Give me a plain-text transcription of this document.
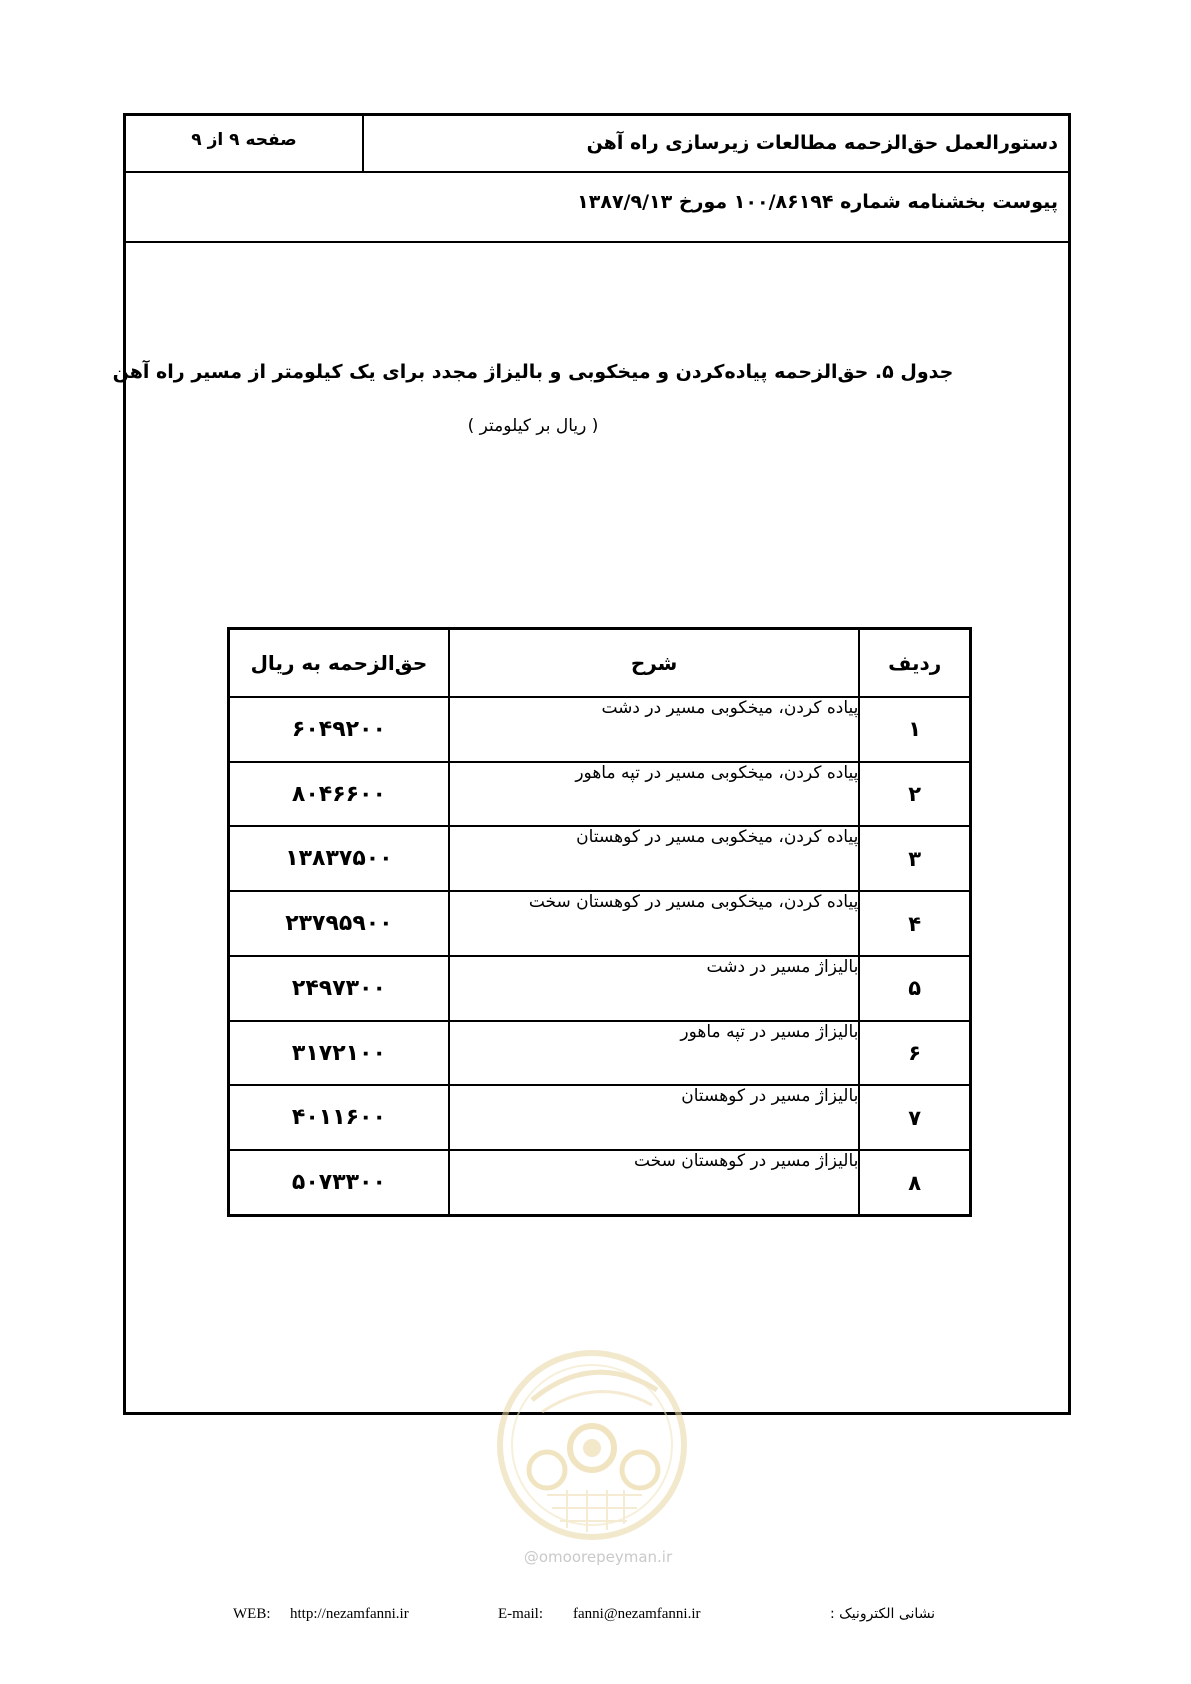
صفحه ۹ از ۹	دستورالعمل حق‌الزحمه مطالعات زیرسازی راه آهن
پیوست بخشنامه شماره ۱۰۰/۸۶۱۹۴ مورخ ۱۳۸۷/۹/۱۳
جدول ۵. حق‌الزحمه پیاده‌کردن و میخکوبی و بالیزاژ مجدد برای یک کیلومتر از مسیر راه آهن
( ریال بر کیلومتر )
ردیف	شرح	حق‌الزحمه به ریال
۱	پیاده کردن، میخکوبی مسیر در دشت	۶۰۴۹۲۰۰
۲	پیاده کردن، میخکوبی مسیر در تپه ماهور	۸۰۴۶۶۰۰
۳	پیاده کردن، میخکوبی مسیر در کوهستان	۱۳۸۳۷۵۰۰
۴	پیاده کردن، میخکوبی مسیر در کوهستان سخت	۲۳۷۹۵۹۰۰
۵	بالیزاژ مسیر در دشت	۲۴۹۷۳۰۰
۶	بالیزاژ مسیر در تپه ماهور	۳۱۷۲۱۰۰
۷	بالیزاژ مسیر در کوهستان	۴۰۱۱۶۰۰
۸	بالیزاژ مسیر در کوهستان سخت	۵۰۷۳۳۰۰
@omoorepeyman.ir
WEB: http://nezamfanni.ir	E-mail: fanni@nezamfanni.ir	نشانی الکترونیک :
